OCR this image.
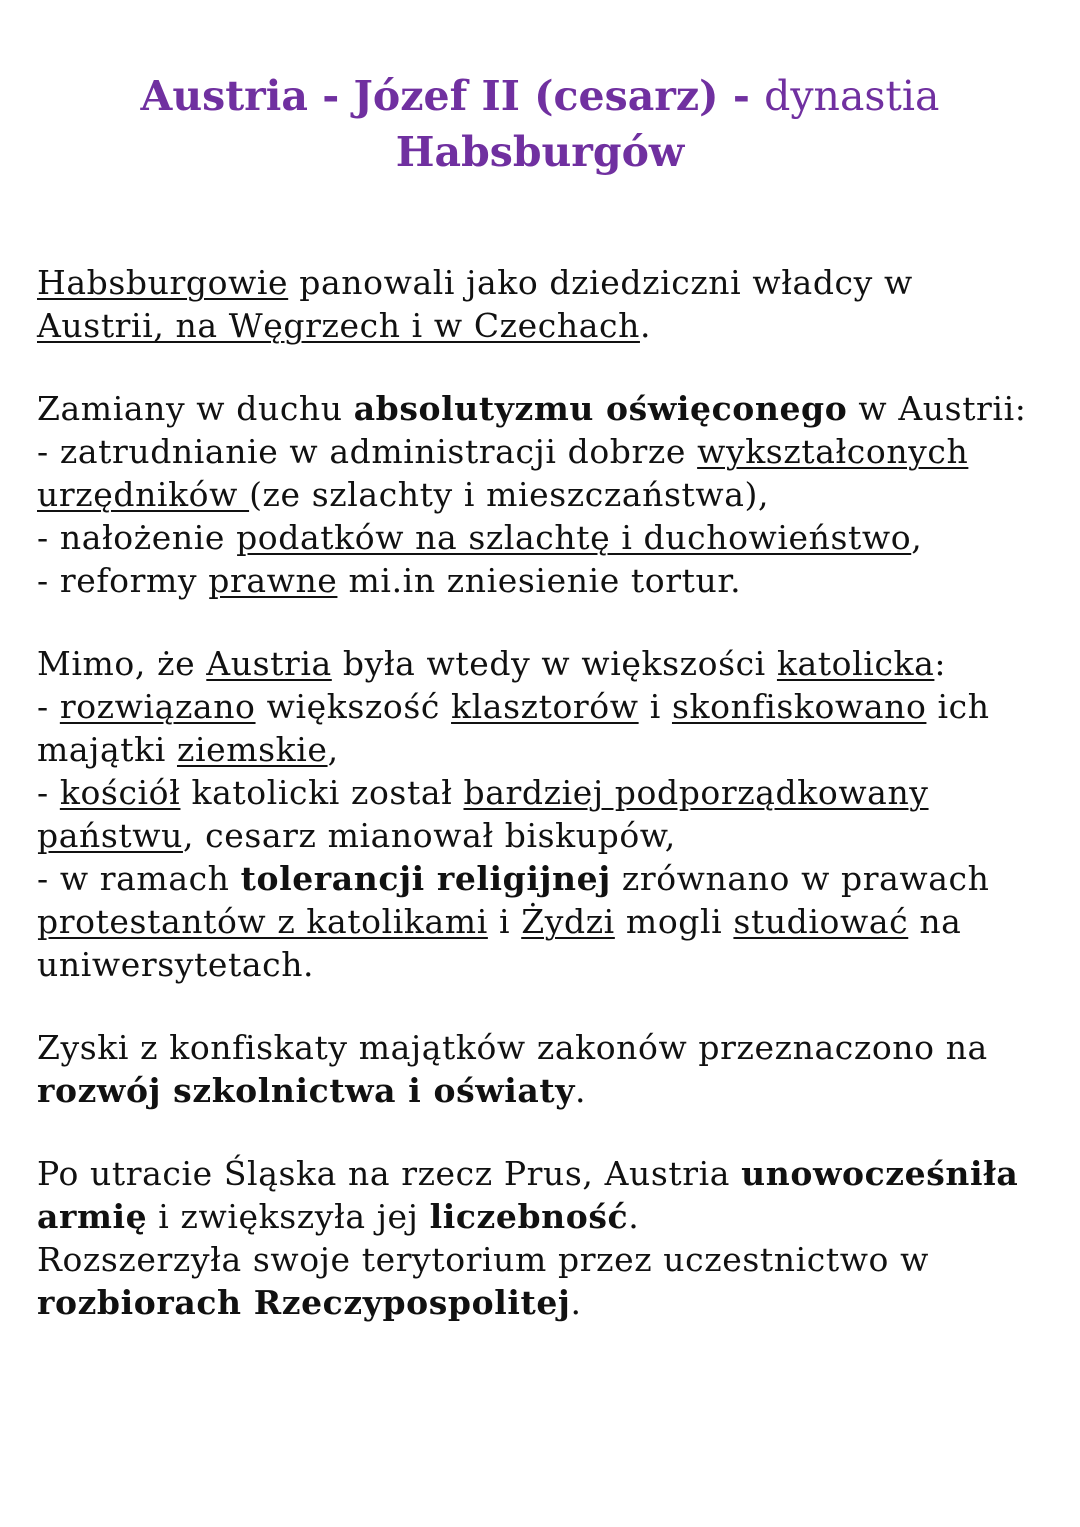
Austria - Józef II (cesarz) - dynastia
Habsburgów

Habsburgowie panowali jako dziedziczni władcy w
Austrii, na Węgrzech i w Czechach.

Zamiany w duchu absolutyzmu oświęconego w Austrii:
- zatrudnianie w administracji dobrze wykształconych
urzędników (ze szlachty i mieszczaństwa),
- nałożenie podatków na szlachtę i duchowieństwo,
- reformy prawne mi.in zniesienie tortur.

Mimo, że Austria była wtedy w większości katolicka:
- rozwiązano większość klasztorów i skonfiskowano ich
majątki ziemskie,
- kościół katolicki został bardziej podporządkowany
państwu, cesarz mianował biskupów,
- w ramach tolerancji religijnej zrównano w prawach
protestantów z katolikami i Żydzi mogli studiować na
uniwersytetach.

Zyski z konfiskaty majątków zakonów przeznaczono na
rozwój szkolnictwa i oświaty.

Po utracie Śląska na rzecz Prus, Austria unowocześniła
armię i zwiększyła jej liczebność.
Rozszerzyła swoje terytorium przez uczestnictwo w
rozbiorach Rzeczypospolitej.
